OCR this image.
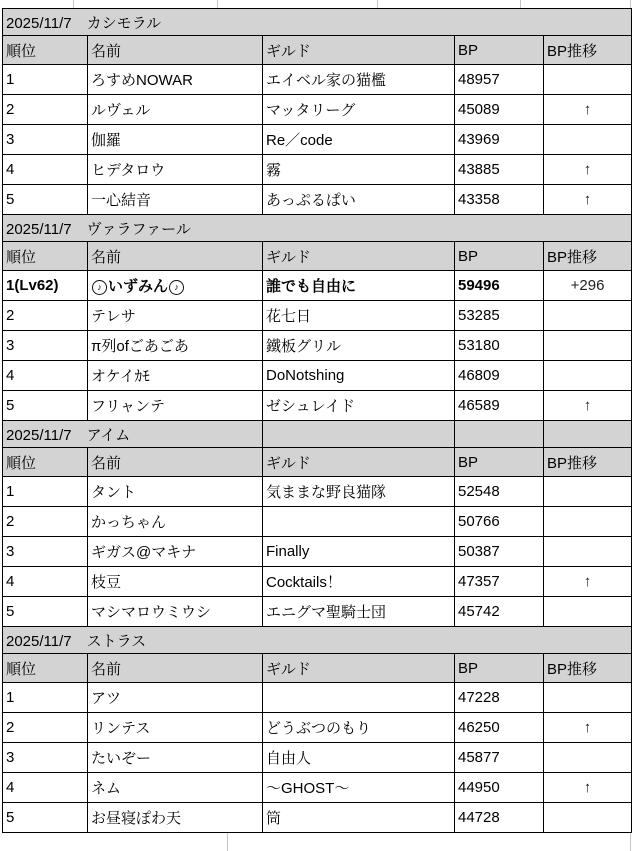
2025/11/7　カシモラル				
順位	名前	ギルド	BP	BP推移
1	ろすめNOWAR	エイベル家の猫檻	48957	
2	ルヴェル	マッタリーグ	45089	↑
3	伽羅	Re／code	43969	
4	ヒデタロウ	霧	43885	↑
5	一心結音	あっぷるぱい	43358	↑
2025/11/7　ヴァラファール				
順位	名前	ギルド	BP	BP推移
1(Lv62)	♪ いずみん ♪	誰でも自由に	59496	+296
2	テレサ	花七日	53285	
3	π列ofごあごあ	鐵板グリル	53180	
4	オケイｶﾓ	DoNotshing	46809	
5	フリャンテ	ゼシュレイド	46589	↑
2025/11/7　アイム				
順位	名前	ギルド	BP	BP推移
1	タント	気ままな野良猫隊	52548	
2	かっちゃん		50766	
3	ギガス@マキナ	Finally	50387	
4	枝豆	Cocktails！	47357	↑
5	マシマロウミウシ	エニグマ聖騎士団	45742	
2025/11/7　ストラス				
順位	名前	ギルド	BP	BP推移
1	アツ		47228	
2	リンテス	どうぶつのもり	46250	↑
3	たいぞー	自由人	45877	
4	ネム	～GHOST～	44950	↑
5	お昼寝ぽわ天	筒	44728	
